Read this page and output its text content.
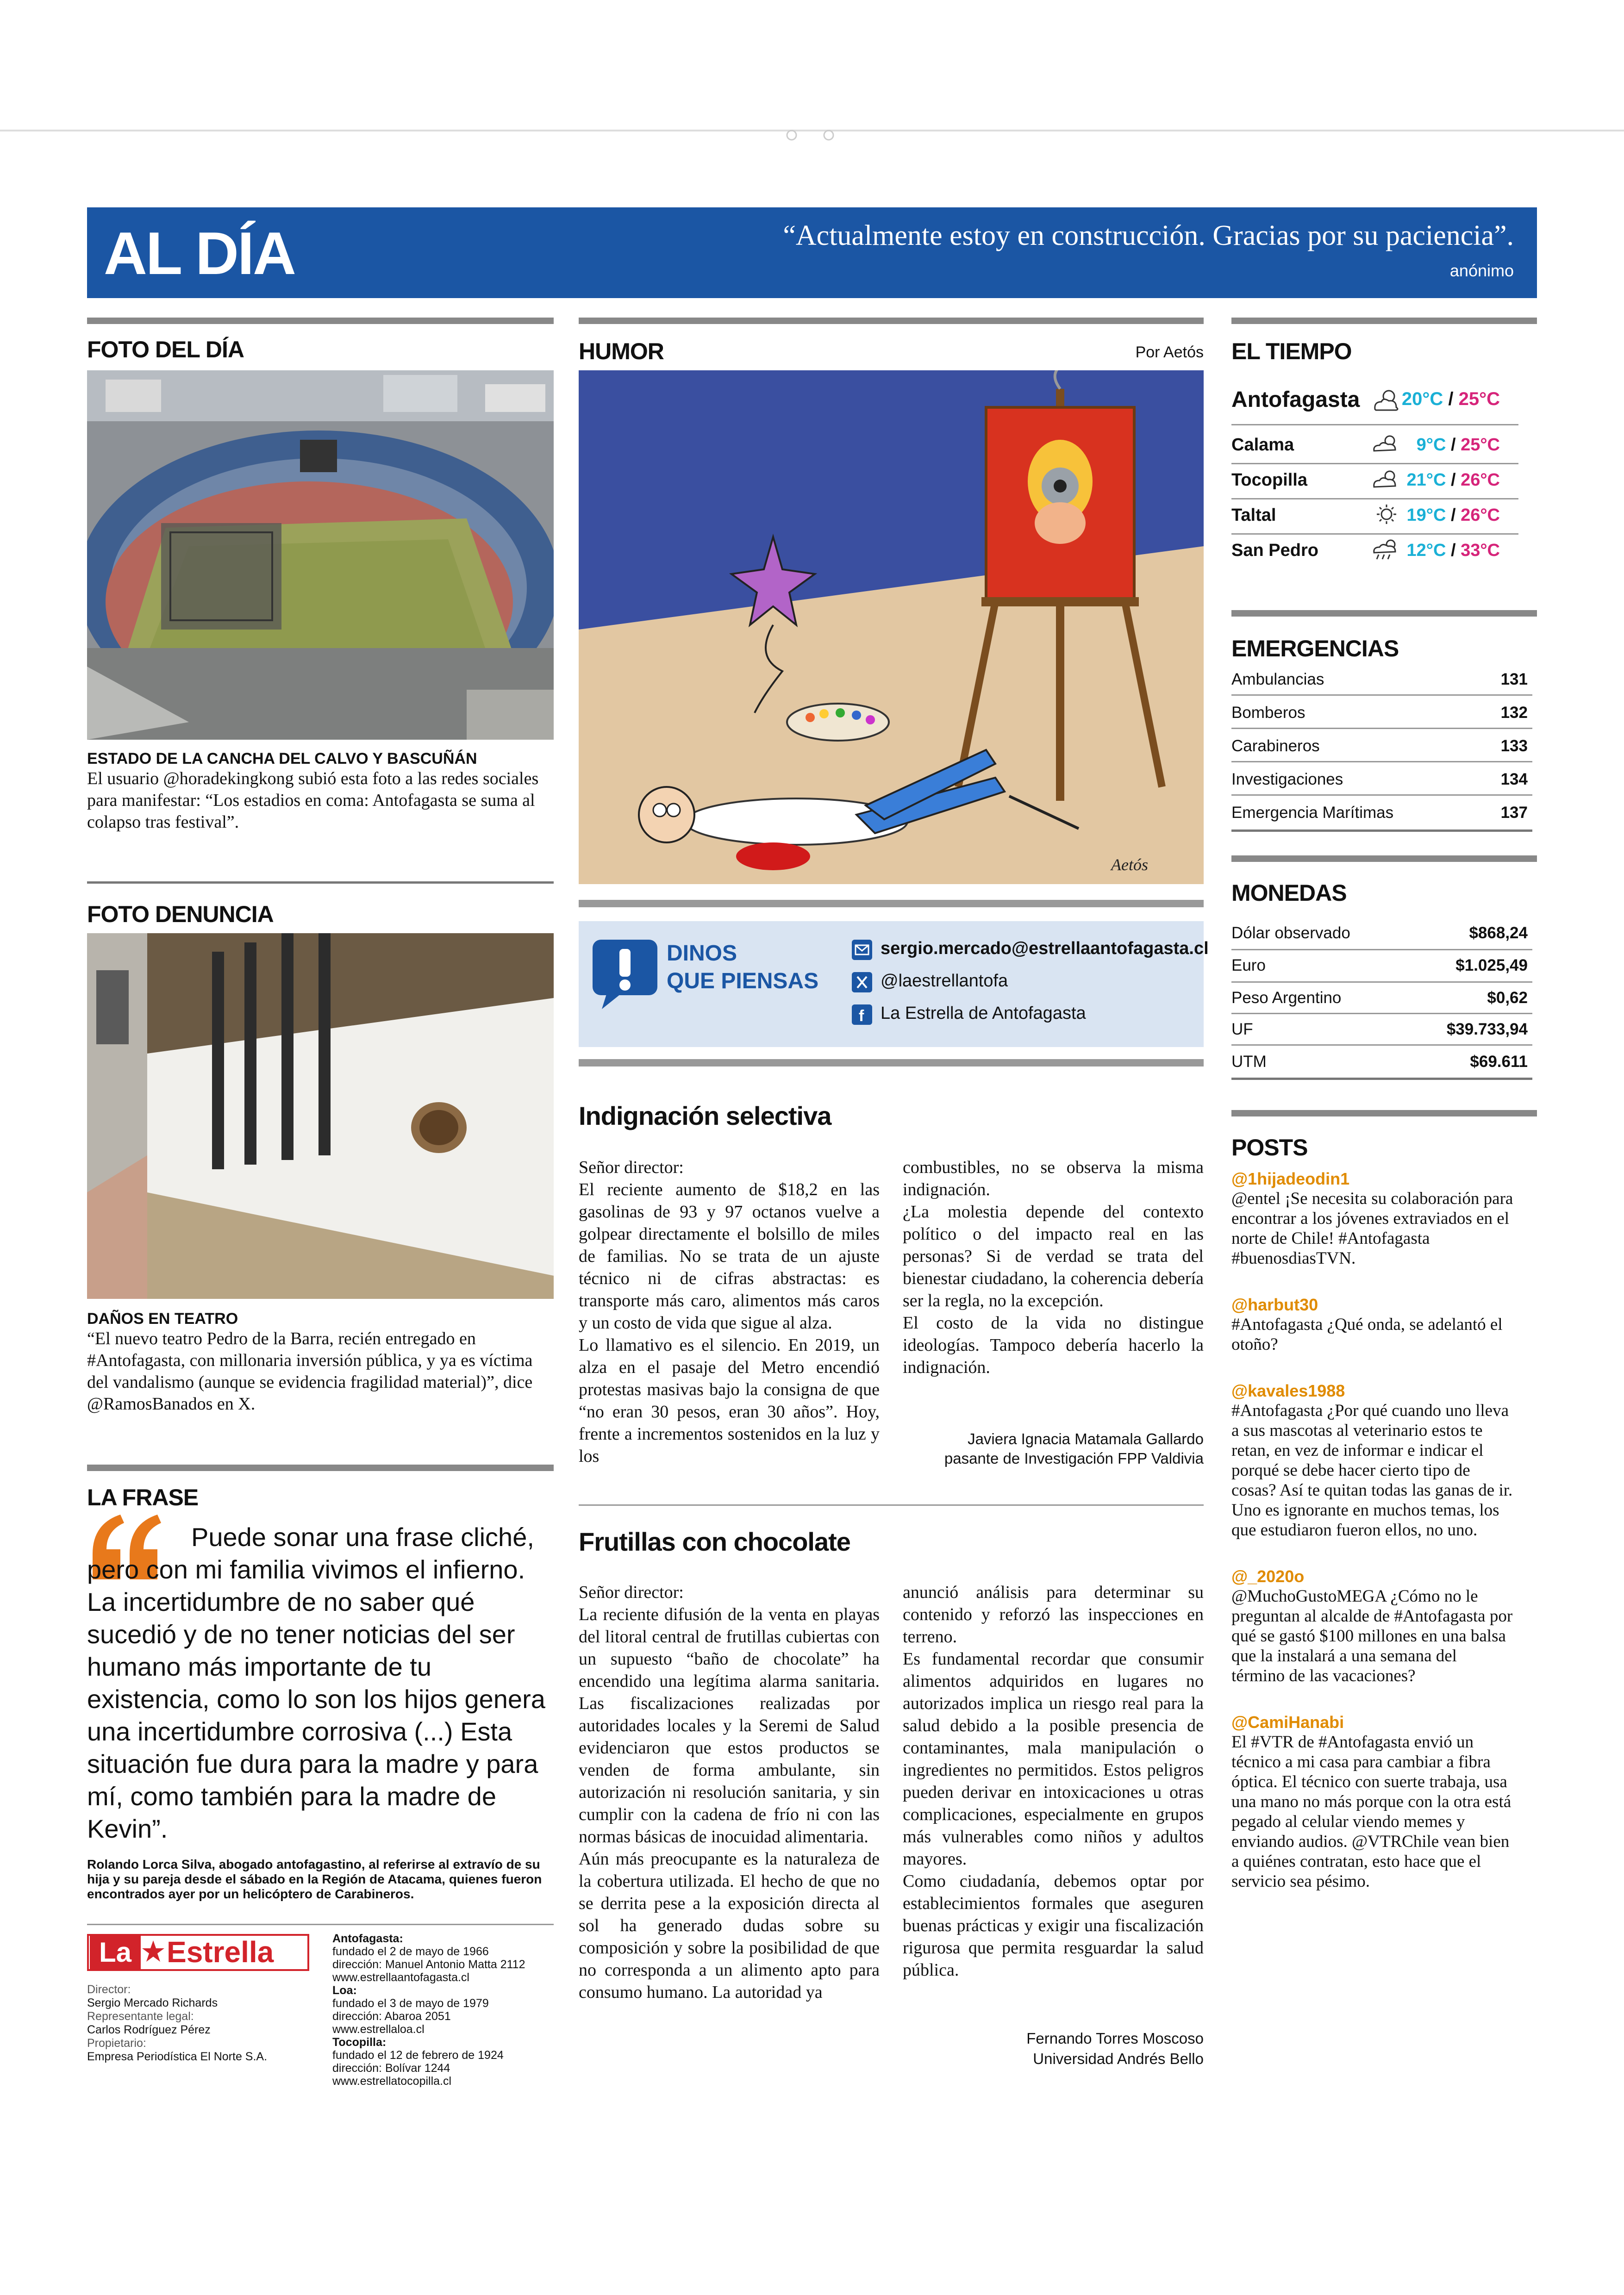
AL DÍA	“Actualmente estoy en construcción. Gracias por su paciencia”.
anónimo
FOTO DEL DÍA
ESTADO DE LA CANCHA DEL CALVO Y BASCUÑÁN
El usuario @horadekingkong subió esta foto a las redes sociales para manifestar: “Los estadios en coma: Antofagasta se suma al colapso tras festival”.
FOTO DENUNCIA
DAÑOS EN TEATRO
“El nuevo teatro Pedro de la Barra, recién entregado en #Antofagasta, con millonaria inversión pública, y ya es víctima del vandalismo (aunque se evidencia fragilidad material)”, dice @RamosBanados en X.
LA FRASE
Puede sonar una frase cliché, pero con mi familia vivimos el infierno. La incertidumbre de no saber qué sucedió y de no tener noticias del ser humano más importante de tu existencia, como lo son los hijos genera una incertidumbre corrosiva (...) Esta situación fue dura para la madre y para mí, como también para la madre de Kevin”.
Rolando Lorca Silva, abogado antofagastino, al referirse al extravío de su hija y su pareja desde el sábado en la Región de Atacama, quienes fueron encontrados ayer por un helicóptero de Carabineros.
La	Estrella
Director:
Sergio Mercado Richards
Representante legal:
Carlos Rodríguez Pérez
Propietario:
Empresa Periodística El Norte S.A.
Antofagasta:
fundado el 2 de mayo de 1966
dirección: Manuel Antonio Matta 2112
www.estrellaantofagasta.cl
Loa:
fundado el 3 de mayo de 1979
dirección: Abaroa 2051
www.estrellaloa.cl
Tocopilla:
fundado el 12 de febrero de 1924
dirección: Bolívar 1244
www.estrellatocopilla.cl
HUMOR	Por Aetós
Aetós
DINOS
QUE PIENSAS
sergio.mercado@estrellaantofagasta.cl
@laestrellantofa
f La Estrella de Antofagasta
Indignación selectiva
Señor director:
El reciente aumento de $18,2 en las gasolinas de 93 y 97 octanos vuelve a golpear directamente el bolsillo de miles de familias. No se trata de un ajuste técnico ni de cifras abstractas: es transporte más caro, alimentos más caros y un costo de vida que sigue al alza.
Lo llamativo es el silencio. En 2019, un alza en el pasaje del Metro encendió protestas masivas bajo la consigna de que “no eran 30 pesos, eran 30 años”. Hoy, frente a incrementos sostenidos en la luz y los
combustibles, no se observa la misma indignación.
¿La molestia depende del contexto político o del impacto real en las personas? Si de verdad se trata del bienestar ciudadano, la coherencia debería ser la regla, no la excepción.
El costo de la vida no distingue ideologías. Tampoco debería hacerlo la indignación.
Javiera Ignacia Matamala Gallardo
pasante de Investigación FPP Valdivia
Frutillas con chocolate
Señor director:
La reciente difusión de la venta en playas del litoral central de frutillas cubiertas con un supuesto “baño de chocolate” ha encendido una legítima alarma sanitaria. Las fiscalizaciones realizadas por autoridades locales y la Seremi de Salud evidenciaron que estos productos se venden de forma ambulante, sin autorización ni resolución sanitaria, y sin cumplir con la cadena de frío ni con las normas básicas de inocuidad alimentaria.
Aún más preocupante es la naturaleza de la cobertura utilizada. El hecho de que no se derrita pese a la exposición directa al sol ha generado dudas sobre su composición y sobre la posibilidad de que no corresponda a un alimento apto para consumo humano. La autoridad ya
anunció análisis para determinar su contenido y reforzó las inspecciones en terreno.
Es fundamental recordar que consumir alimentos adquiridos en lugares no autorizados implica un riesgo real para la salud debido a la posible presencia de contaminantes, mala manipulación o ingredientes no permitidos. Estos peligros pueden derivar en intoxicaciones u otras complicaciones, especialmente en grupos más vulnerables como niños y adultos mayores.
Como ciudadanía, debemos optar por establecimientos formales que aseguren buenas prácticas y exigir una fiscalización rigurosa que permita resguardar la salud pública.
Fernando Torres Moscoso
Universidad Andrés Bello
EL TIEMPO
Antofagasta 20°C / 25°C
Calama	9°C / 25°C
Tocopilla	21°C / 26°C
Taltal	19°C / 26°C
San Pedro	12°C / 33°C
EMERGENCIAS
Ambulancias	131
Bomberos	132
Carabineros	133
Investigaciones	134
Emergencia Marítimas	137
MONEDAS
Dólar observado	$868,24
Euro	$1.025,49
Peso Argentino	$0,62
UF	$39.733,94
UTM	$69.611
POSTS
@1hijadeodin1
@entel ¡Se necesita su colaboración para encontrar a los jóvenes extraviados en el norte de Chile! #Antofagasta #buenosdiasTVN.
@harbut30
#Antofagasta ¿Qué onda, se adelantó el otoño?
@kavales1988
#Antofagasta ¿Por qué cuando uno lleva a sus mascotas al veterinario estos te retan, en vez de informar e indicar el porqué se debe hacer cierto tipo de cosas? Así te quitan todas las ganas de ir. Uno es ignorante en muchos temas, los que estudiaron fueron ellos, no uno.
@_2020o
@MuchoGustoMEGA ¿Cómo no le preguntan al alcalde de #Antofagasta por qué se gastó $100 millones en una balsa que la instalará a una semana del término de las vacaciones?
@CamiHanabi
El #VTR de #Antofagasta envió un técnico a mi casa para cambiar a fibra óptica. El técnico con suerte trabaja, usa una mano no más porque con la otra está pegado al celular viendo memes y enviando audios. @VTRChile vean bien a quiénes contratan, esto hace que el servicio sea pésimo.
